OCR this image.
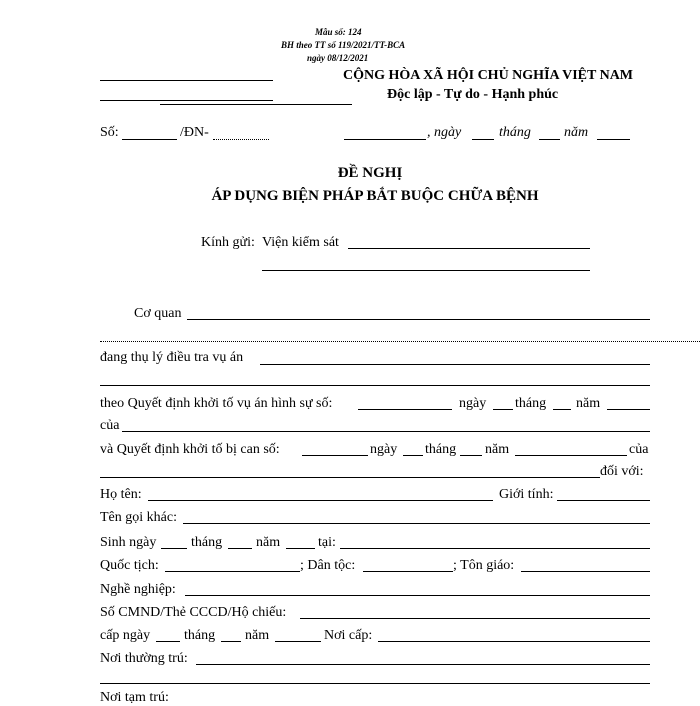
Mẫu số: 124
BH theo TT số 119/2021/TT-BCA
ngày 08/12/2021
CỘNG HÒA XÃ HỘI CHỦ NGHĨA VIỆT NAM
Độc lập - Tự do - Hạnh phúc
Số:	/ĐN-	, ngày	tháng năm
ĐỀ NGHỊ
ÁP DỤNG BIỆN PHÁP BẮT BUỘC CHỮA BỆNH
Kính gửi: Viện kiểm sát
Cơ quan
đang thụ lý điều tra vụ án
theo Quyết định khởi tố vụ án hình sự số:	ngày tháng năm
của
và Quyết định khởi tố bị can số:	ngày tháng năm	của
đối với:
Họ tên:	Giới tính:
Tên gọi khác:
Sinh ngày tháng năm	tại:
Quốc tịch:	; Dân tộc:	; Tôn giáo:
Nghề nghiệp:
Số CMND/Thẻ CCCD/Hộ chiếu:
cấp ngày tháng năm	Nơi cấp:
Nơi thường trú:
Nơi tạm trú:
